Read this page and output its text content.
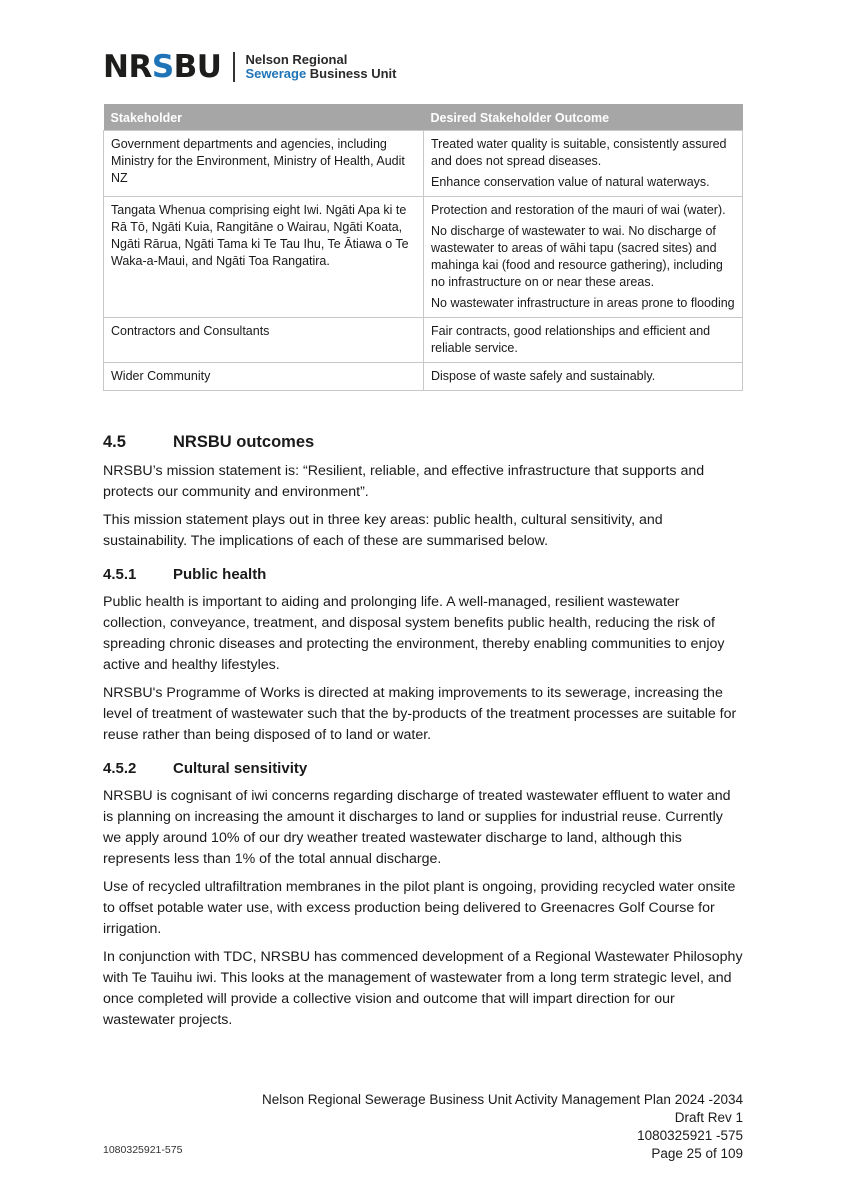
NRSBU Nelson Regional
Sewerage Business Unit
Stakeholder	Desired Stakeholder Outcome
Government departments and agencies, including Ministry for the Environment, Ministry of Health, Audit NZ	Treated water quality is suitable, consistently assured and does not spread diseases.

Enhance conservation value of natural waterways.

Tangata Whenua comprising eight Iwi. Ngāti Apa ki te Rā Tō, Ngāti Kuia, Rangitāne o Wairau, Ngāti Koata, Ngāti Rārua, Ngāti Tama ki Te Tau Ihu, Te Ātiawa o Te Waka-a-Maui, and Ngāti Toa Rangatira.	Protection and restoration of the mauri of wai (water).

No discharge of wastewater to wai. No discharge of wastewater to areas of wāhi tapu (sacred sites) and mahinga kai (food and resource gathering), including no infrastructure on or near these areas.

No wastewater infrastructure in areas prone to flooding

Contractors and Consultants	Fair contracts, good relationships and efficient and reliable service.

Wider Community	Dispose of waste safely and sustainably.

4.5	NRSBU outcomes

NRSBU’s mission statement is: “Resilient, reliable, and effective infrastructure that supports and protects our community and environment”.

This mission statement plays out in three key areas: public health, cultural sensitivity, and sustainability. The implications of each of these are summarised below.

4.5.1	Public health

Public health is important to aiding and prolonging life. A well-managed, resilient wastewater collection, conveyance, treatment, and disposal system benefits public health, reducing the risk of spreading chronic diseases and protecting the environment, thereby enabling communities to enjoy active and healthy lifestyles.

NRSBU's Programme of Works is directed at making improvements to its sewerage, increasing the level of treatment of wastewater such that the by-products of the treatment processes are suitable for reuse rather than being disposed of to land or water.

4.5.2	Cultural sensitivity

NRSBU is cognisant of iwi concerns regarding discharge of treated wastewater effluent to water and is planning on increasing the amount it discharges to land or supplies for industrial reuse. Currently we apply around 10% of our dry weather treated wastewater discharge to land, although this represents less than 1% of the total annual discharge.

Use of recycled ultrafiltration membranes in the pilot plant is ongoing, providing recycled water onsite to offset potable water use, with excess production being delivered to Greenacres Golf Course for irrigation.

In conjunction with TDC, NRSBU has commenced development of a Regional Wastewater Philosophy with Te Tauihu iwi. This looks at the management of wastewater from a long term strategic level, and once completed will provide a collective vision and outcome that will impart direction for our wastewater projects.

1080325921-575
Nelson Regional Sewerage Business Unit Activity Management Plan 2024 -2034
Draft Rev 1
1080325921 -575
Page 25 of 109
